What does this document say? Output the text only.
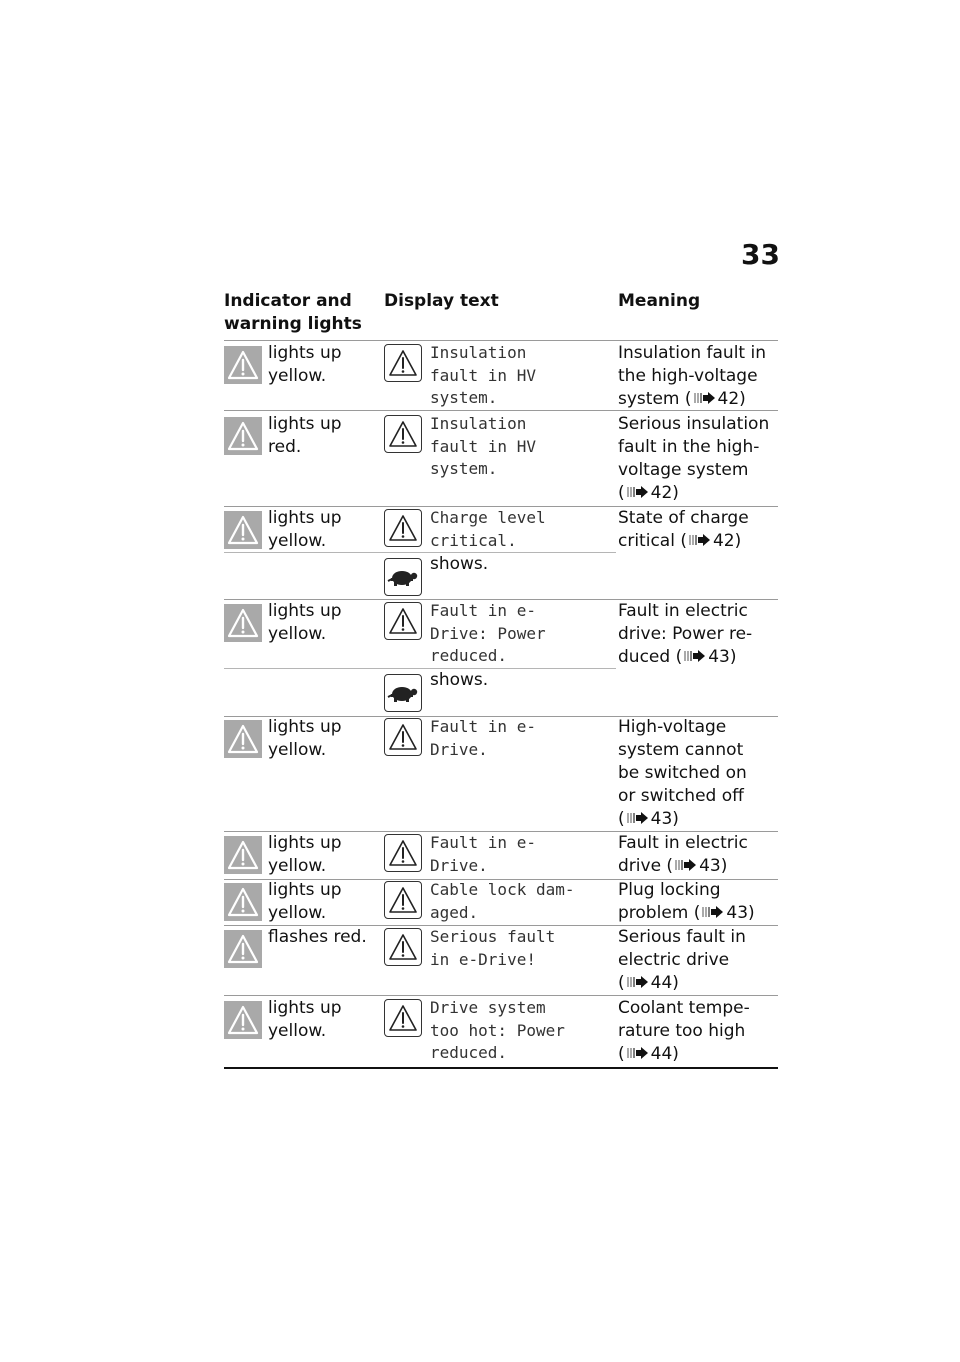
33
Indicator and
warning lights
Display text	Meaning
lights up
yellow.
Insulation
fault in HV
system.
Insulation fault in
the high-voltage
system ( 42)
lights up
red.
Insulation
fault in HV
system.
Serious insulation
fault in the high-
voltage system
( 42)
lights up
yellow.
Charge level
critical.
State of charge
critical ( 42)
shows.
lights up
yellow.
Fault in e-
Drive: Power
reduced.
Fault in electric
drive: Power re-
duced ( 43)
shows.
lights up
yellow.
Fault in e-
Drive.
High-voltage
system cannot
be switched on
or switched off
( 43)
lights up
yellow.
Fault in e-
Drive.
Fault in electric
drive ( 43)
lights up
yellow.
Cable lock dam-
aged.
Plug locking
problem ( 43)
flashes red.	Serious fault
in e-Drive!
Serious fault in
electric drive
( 44)
lights up
yellow.
Drive system
too hot: Power
reduced.
Coolant tempe-
rature too high
( 44)
